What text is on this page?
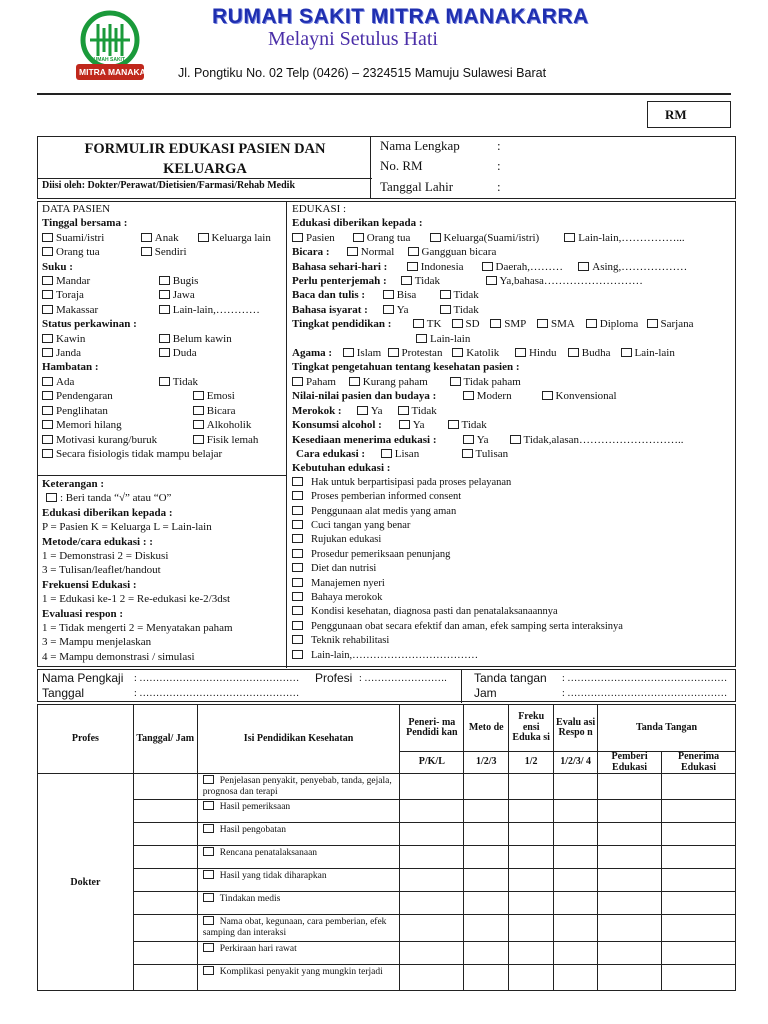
RUMAH SAKIT
MITRA MANAKARRA
RUMAH SAKIT MITRA MANAKARRA
Melayni Setulus Hati
Jl. Pongtiku No. 02 Telp (0426) – 2324515 Mamuju Sulawesi Barat
RM
FORMULIR EDUKASI PASIEN DAN
KELUARGA
Diisi oleh: Dokter/Perawat/Dietisien/Farmasi/Rehab Medik
Nama Lengkap	:
No. RM	:
Tanggal Lahir	:
DATA PASIEN
Tinggal bersama :
Suami/istri	Anak	Keluarga lain
Orang tua	Sendiri
Suku :
Mandar	Bugis
Toraja	Jawa
Makassar	Lain-lain,…………
Status perkawinan :
Kawin	Belum kawin
Janda	Duda
Hambatan :
Ada	Tidak
Pendengaran	Emosi
Penglihatan	Bicara
Memori hilang	Alkoholik
Motivasi kurang/buruk	Fisik lemah
Secara fisiologis tidak mampu belajar
Keterangan :
: Beri tanda “√” atau “O”
Edukasi diberikan kepada :
P = Pasien K = Keluarga L = Lain-lain
Metode/cara edukasi : :
1 = Demonstrasi 2 = Diskusi
3 = Tulisan/leaflet/handout
Frekuensi Edukasi :
1 = Edukasi ke-1 2 = Re-edukasi ke-2/3dst
Evaluasi respon :
1 = Tidak mengerti 2 = Menyatakan paham
3 = Mampu menjelaskan
4 = Mampu demonstrasi / simulasi
EDUKASI :
Edukasi diberikan kepada :
Pasien	Orang tua	Keluarga(Suami/istri)	Lain-lain,……………...
Bicara :	Normal Gangguan bicara
Bahasa sehari-hari :	Indonesia	Daerah,………	Asing,………………
Perlu penterjemah :	Tidak	Ya,bahasa………………………
Baca dan tulis :	Bisa	Tidak
Bahasa isyarat :	Ya	Tidak
Tingkat pendidikan :	TK SD SMP SMA Diploma Sarjana
Lain-lain
Agama : Islam Protestan Katolik	Hindu Budha Lain-lain
Tingkat pengetahuan tentang kesehatan pasien :
Paham Kurang paham	Tidak paham
Nilai-nilai pasien dan budaya :	Modern	Konvensional
Merokok :	Ya	Tidak
Konsumsi alcohol :	Ya	Tidak
Kesediaan menerima edukasi :	Ya	Tidak,alasan………………………..
Cara edukasi :	Lisan	Tulisan
Kebutuhan edukasi :
Hak untuk berpartisipasi pada proses pelayanan
Proses pemberian informed consent
Penggunaan alat medis yang aman
Cuci tangan yang benar
Rujukan edukasi
Prosedur pemeriksaan penunjang
Diet dan nutrisi
Manajemen nyeri
Bahaya merokok
Kondisi kesehatan, diagnosa pasti dan penatalaksanaannya
Penggunaan obat secara efektif dan aman, efek samping serta interaksinya
Teknik rehabilitasi
Lain-lain,………………………………
Nama Pengkaji : ………………………………………… Profesi : …………………….
Tanggal	: …………………………………………
Tanda tangan : …………………………………………
Jam	: …………………………………………
Profes	Tanggal/ Jam	Isi Pendidikan Kesehatan	Peneri- ma Pendidi kan	Meto de	Freku ensi Eduka si	Evalu asi Respo n	Tanda Tangan	
			P/K/L	1/2/3	1/2	1/2/3/ 4	Pemberi Edukasi	Penerima Edukasi
Dokter		Penjelasan penyakit, penyebab, tanda, gejala, prognosa dan terapi						
		Hasil pemeriksaan						
		Hasil pengobatan						
		Rencana penatalaksanaan						
		Hasil yang tidak diharapkan						
		Tindakan medis						
		Nama obat, kegunaan, cara pemberian, efek samping dan interaksi						
		Perkiraan hari rawat						
		Komplikasi penyakit yang mungkin terjadi						
